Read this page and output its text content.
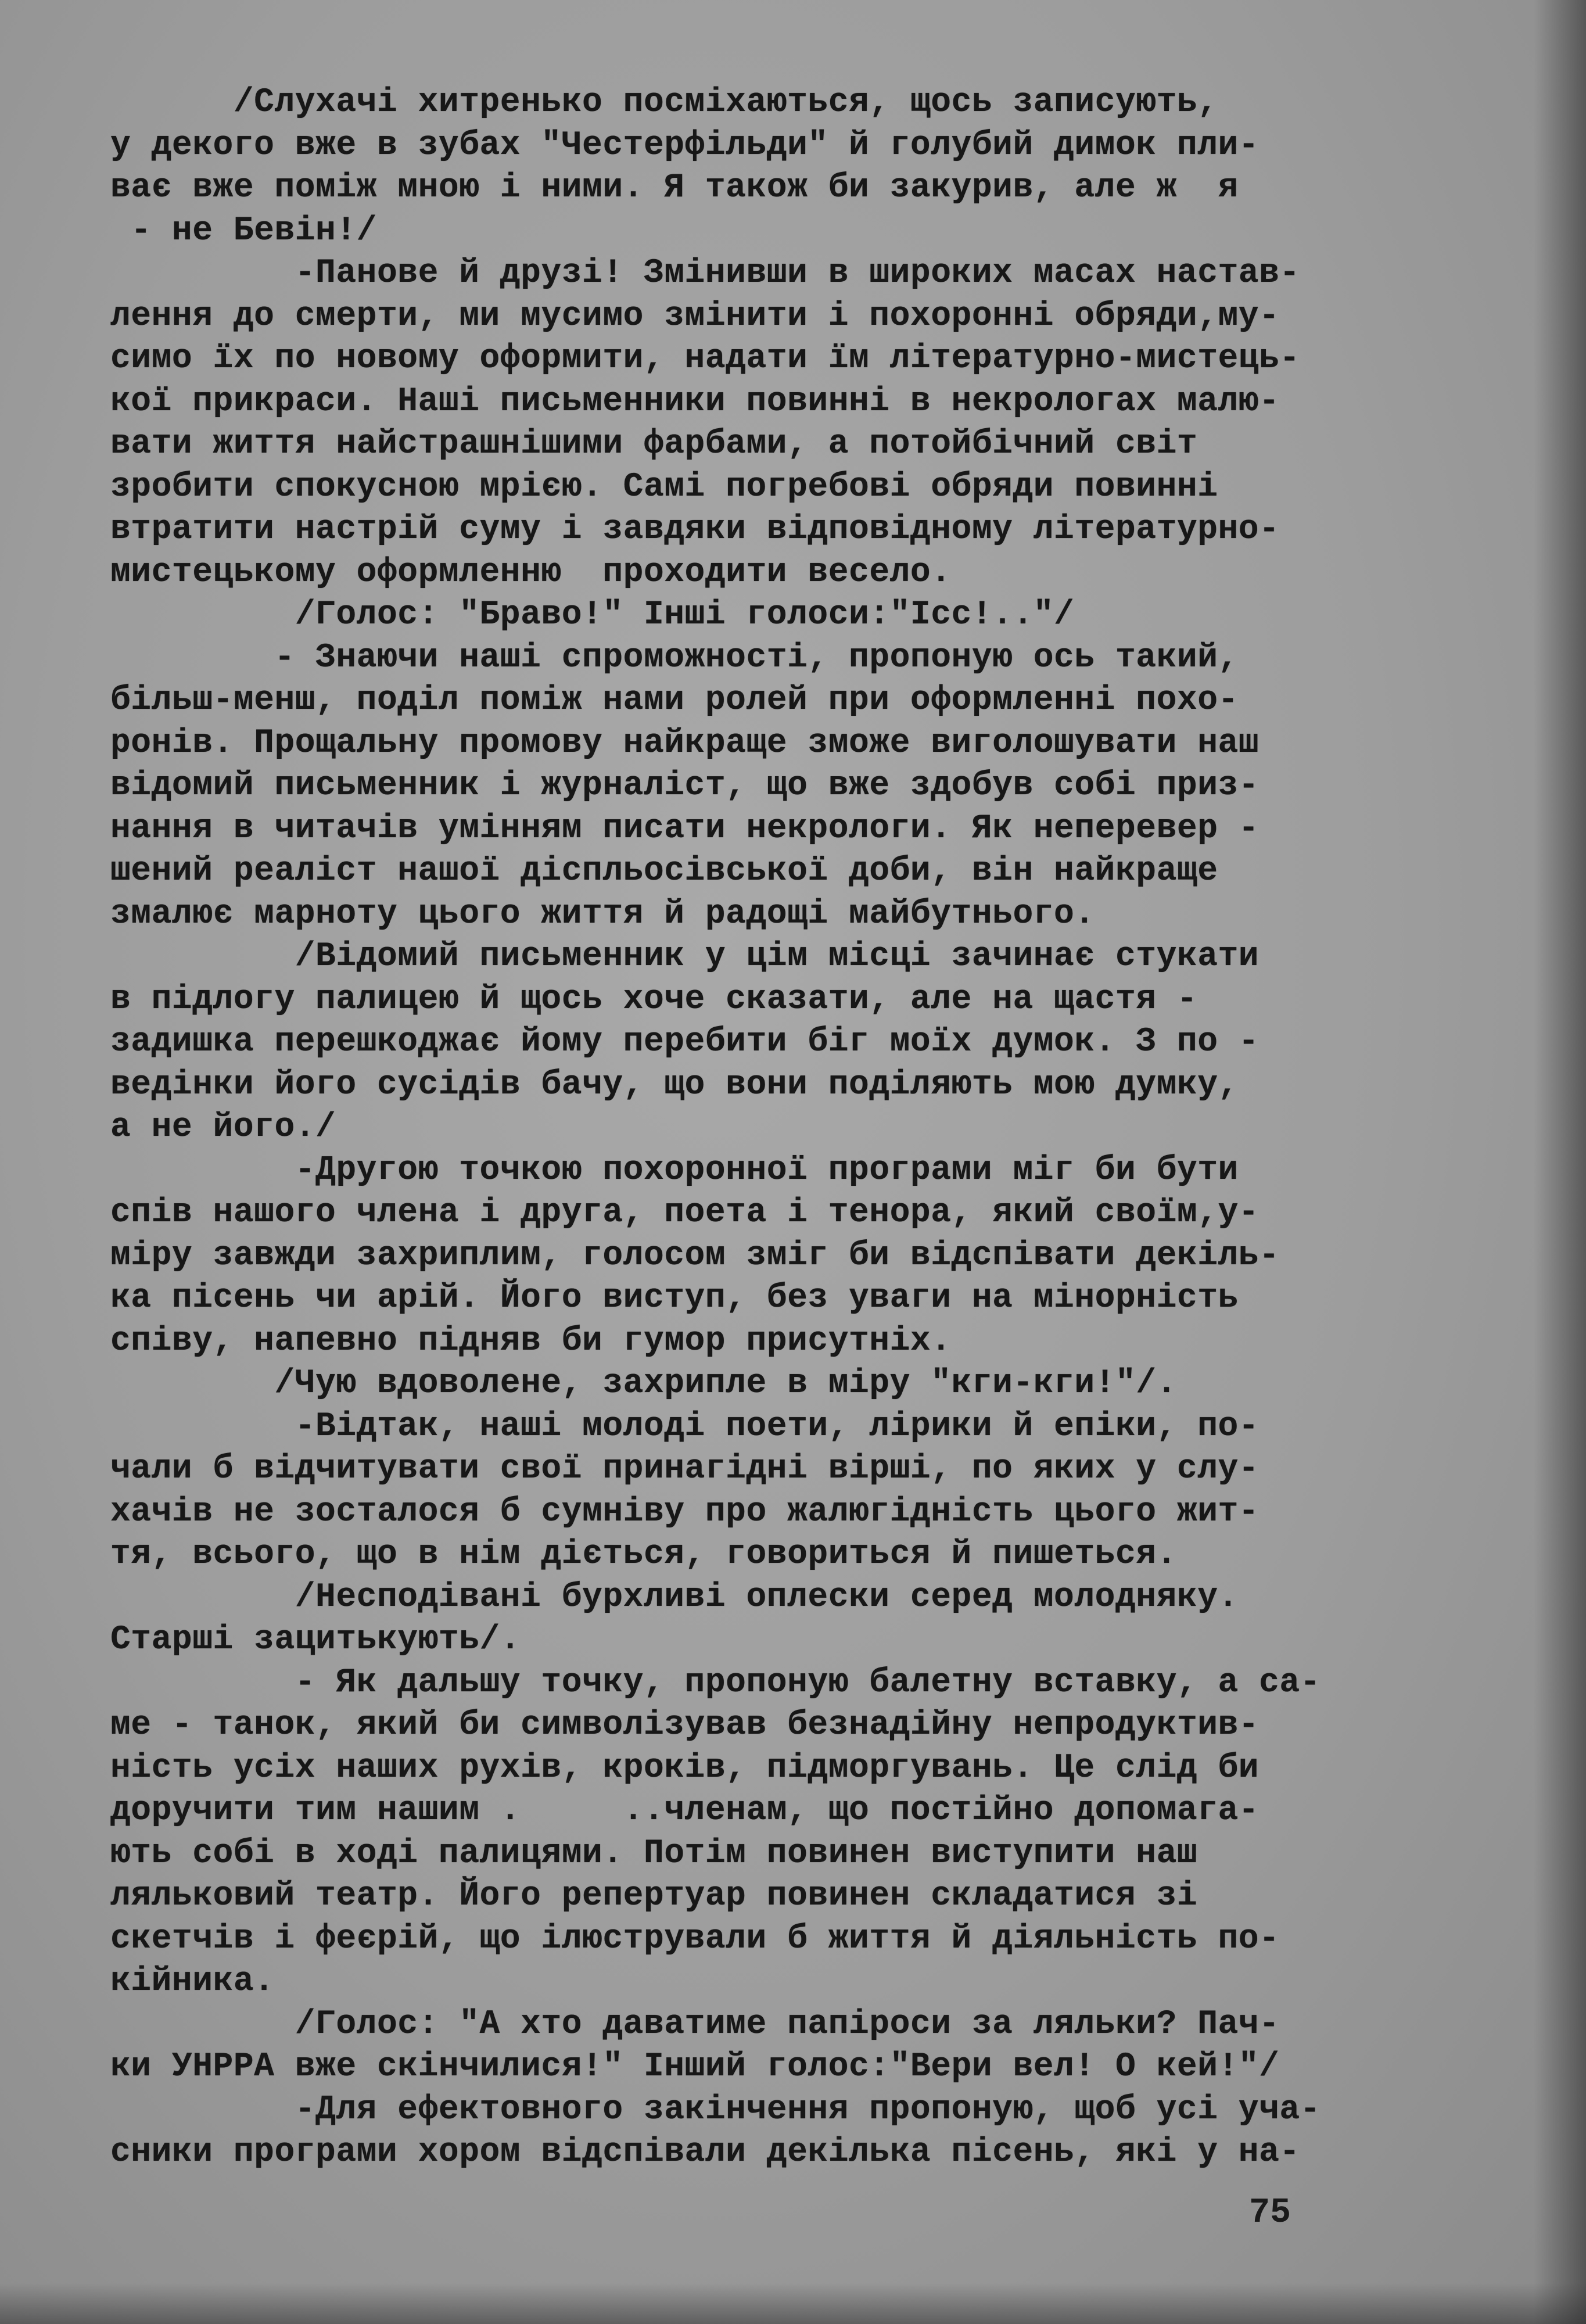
/Слухачі хитренько посміхаються, щось записують,
у декого вже в зубах "Честерфільди" й голубий димок пли-
ває вже поміж мною і ними. Я також би закурив, але ж  я
- не Бевін!/
-Панове й друзі! Змінивши в широких масах настав-
лення до смерти, ми мусимо змінити і похоронні обряди,му-
симо їх по новому оформити, надати їм літературно-мистець-
кої прикраси. Наші письменники повинні в некрологах малю-
вати життя найстрашнішими фарбами, а потойбічний світ
зробити спокусною мрією. Самі погребові обряди повинні
втратити настрій суму і завдяки відповідному літературно-
мистецькому оформленню  проходити весело.
/Голос: "Браво!" Інші голоси:"Ісс!.."/
- Знаючи наші спроможності, пропоную ось такий,
більш-менш, поділ поміж нами ролей при оформленні похо-
ронів. Прощальну промову найкраще зможе виголошувати наш
відомий письменник і журналіст, що вже здобув собі приз-
нання в читачів умінням писати некрологи. Як неперевер -
шений реаліст нашої діспльосівської доби, він найкраще
змалює марноту цього життя й радощі майбутнього.
/Відомий письменник у цім місці зачинає стукати
в підлогу палицею й щось хоче сказати, але на щастя -
задишка перешкоджає йому перебити біг моїх думок. З по -
ведінки його сусідів бачу, що вони поділяють мою думку,
а не його./
-Другою точкою похоронної програми міг би бути
спів нашого члена і друга, поета і тенора, який своїм,у-
міру завжди захриплим, голосом зміг би відспівати декіль-
ка пісень чи арій. Його виступ, без уваги на мінорність
співу, напевно підняв би гумор присутніх.
/Чую вдоволене, захрипле в міру "кги-кги!"/.
-Відтак, наші молоді поети, лірики й епіки, по-
чали б відчитувати свої принагідні вірші, по яких у слу-
хачів не зосталося б сумніву про жалюгідність цього жит-
тя, всього, що в нім діється, говориться й пишеться.
/Несподівані бурхливі оплески серед молодняку.
Старші зацитькують/.
- Як дальшу точку, пропоную балетну вставку, а са-
ме - танок, який би символізував безнадійну непродуктив-
ність усіх наших рухів, кроків, підморгувань. Це слід би
доручити тим нашим .     ..членам, що постійно допомага-
ють собі в ході палицями. Потім повинен виступити наш
ляльковий театр. Його репертуар повинен складатися зі
скетчів і феєрій, що ілюстрували б життя й діяльність по-
кійника.
/Голос: "А хто даватиме папіроси за ляльки? Пач-
ки УНРРА вже скінчилися!" Інший голос:"Вери вел! О кей!"/
-Для ефектовного закінчення пропоную, щоб усі уча-
сники програми хором відспівали декілька пісень, які у на-
75
